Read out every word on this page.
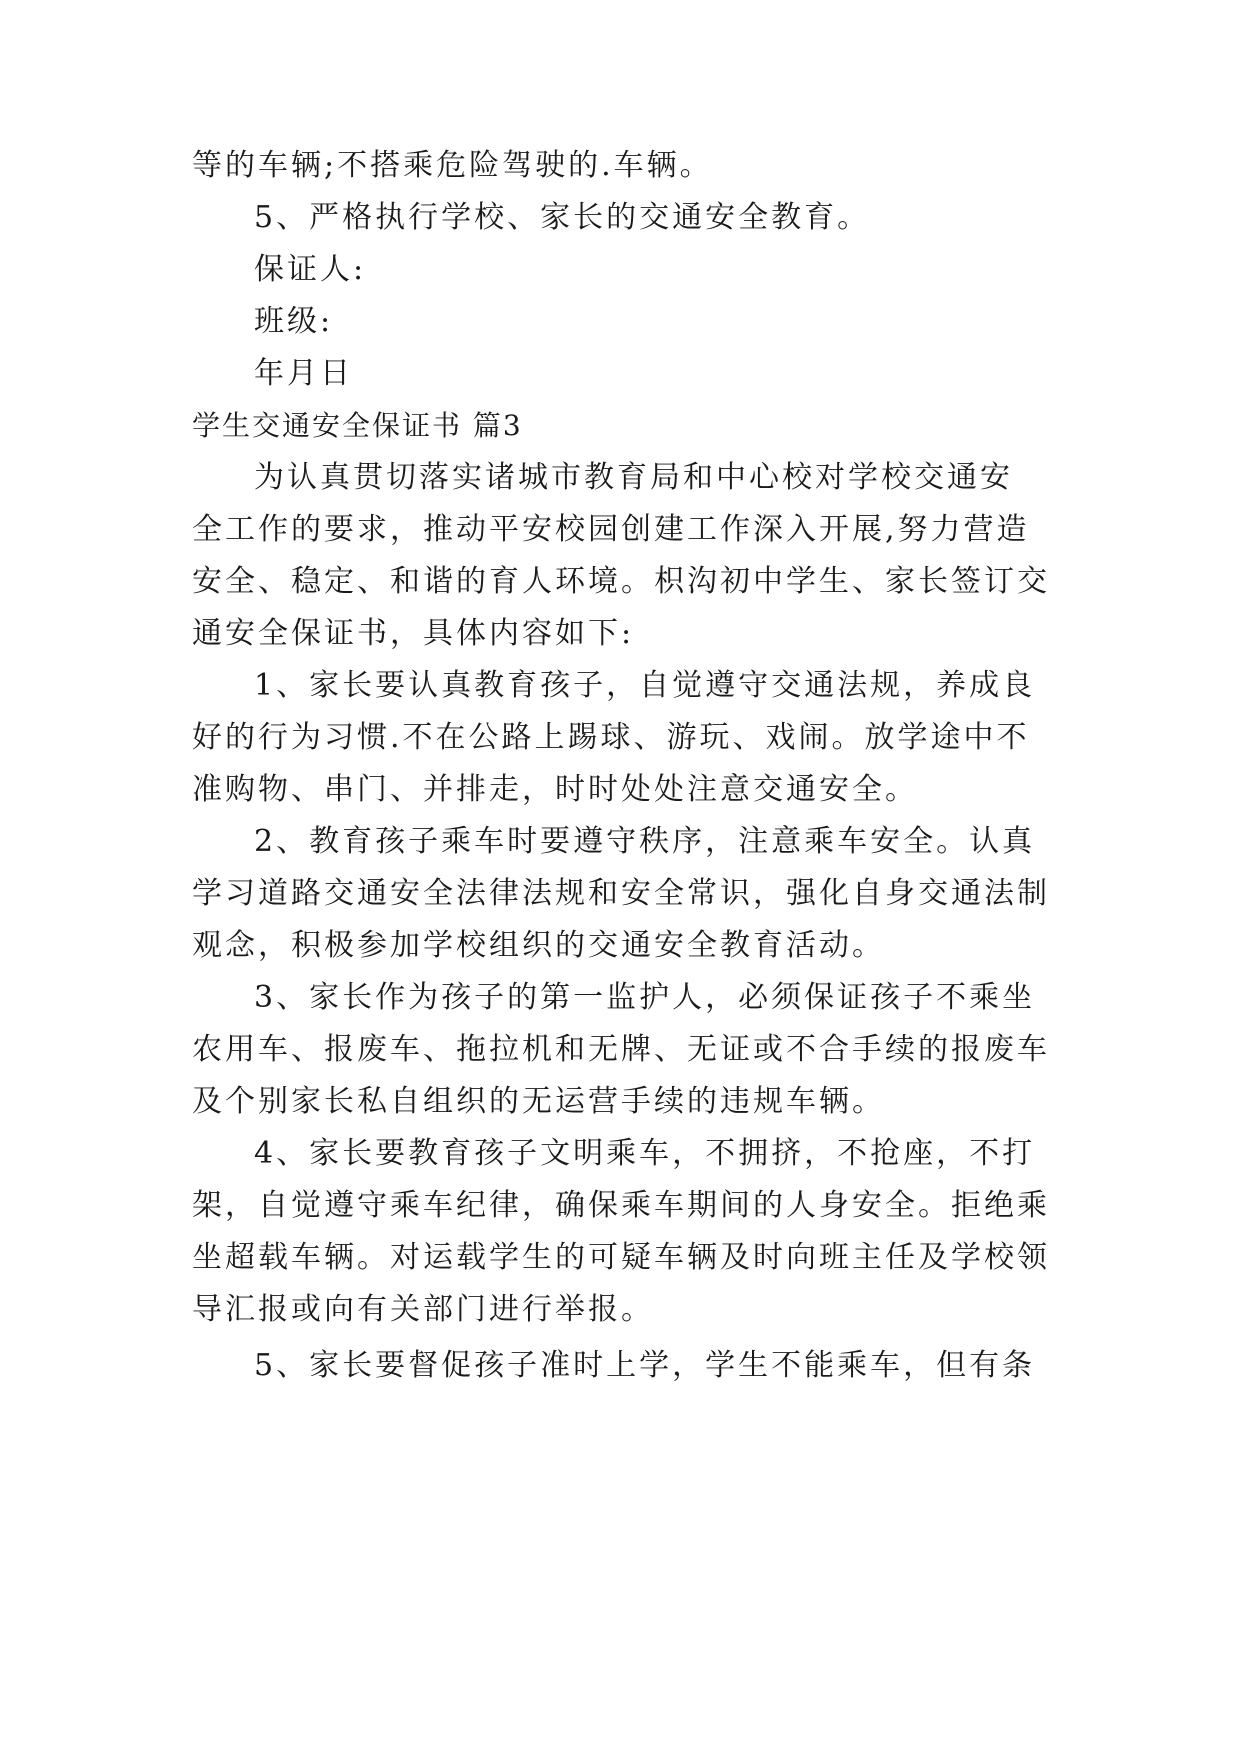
等的车辆;不搭乘危险驾驶的.车辆。

5、严格执行学校、家长的交通安全教育。

保证人:

班级:

年月日

学生交通安全保证书 篇3

为认真贯切落实诸城市教育局和中心校对学校交通安

全工作的要求，推动平安校园创建工作深入开展,努力营造

安全、稳定、和谐的育人环境。枳沟初中学生、家长签订交

通安全保证书，具体内容如下:

1、家长要认真教育孩子，自觉遵守交通法规，养成良

好的行为习惯.不在公路上踢球、游玩、戏闹。放学途中不

准购物、串门、并排走，时时处处注意交通安全。

2、教育孩子乘车时要遵守秩序，注意乘车安全。认真

学习道路交通安全法律法规和安全常识，强化自身交通法制

观念，积极参加学校组织的交通安全教育活动。

3、家长作为孩子的第一监护人，必须保证孩子不乘坐

农用车、报废车、拖拉机和无牌、无证或不合手续的报废车

及个别家长私自组织的无运营手续的违规车辆。

4、家长要教育孩子文明乘车，不拥挤，不抢座，不打

架，自觉遵守乘车纪律，确保乘车期间的人身安全。拒绝乘

坐超载车辆。对运载学生的可疑车辆及时向班主任及学校领

导汇报或向有关部门进行举报。

5、家长要督促孩子准时上学，学生不能乘车，但有条
